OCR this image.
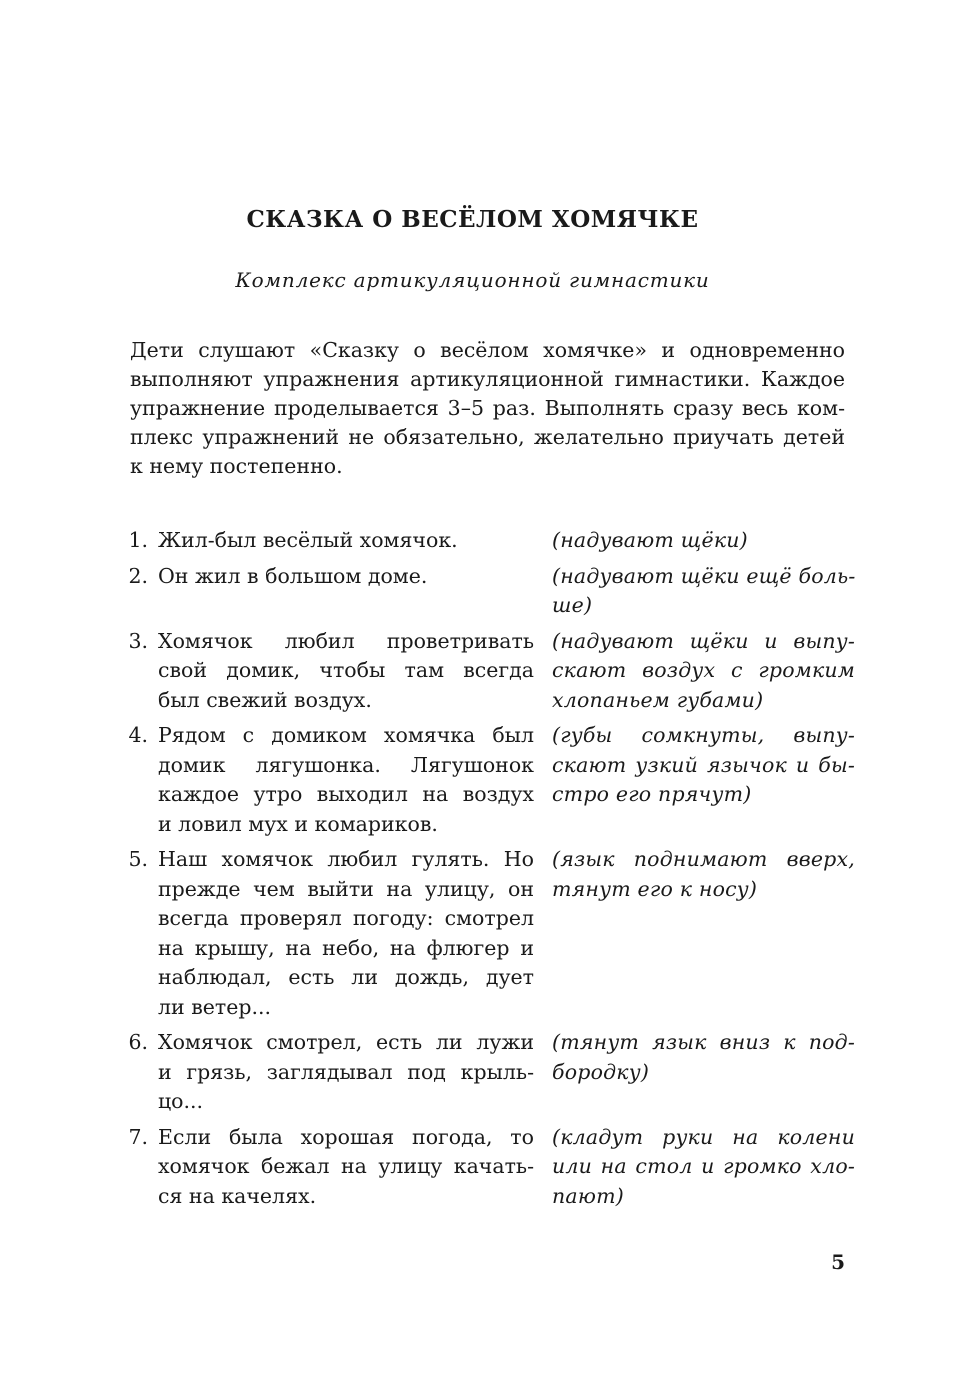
СКАЗКА О ВЕСЁЛОМ ХОМЯЧКЕ

Комплекс артикуляционной гимнастики

Дети слушают «Сказку о весёлом хомячке» и одновременно
выполняют упражнения артикуляционной гимнастики. Каждое
упражнение проделывается 3–5 раз. Выполнять сразу весь ком-
плекс упражнений не обязательно, желательно приучать детей
к нему постепенно.

1. Жил-был весёлый хомячок.	(надувают щёки)
2. Он жил в большом доме.	(надувают щёки ещё боль-
ше)
3. Хомячок любил проветривать
свой домик, чтобы там всегда
был свежий воздух.
(надувают щёки и выпу-
скают воздух с громким
хлопаньем губами)
4. Рядом с домиком хомячка был
домик лягушонка. Лягушонок
каждое утро выходил на воздух
и ловил мух и комариков.
(губы сомкнуты, выпу-
скают узкий язычок и бы-
стро его прячут)
5. Наш хомячок любил гулять. Но
прежде чем выйти на улицу, он
всегда проверял погоду: смотрел
на крышу, на небо, на флюгер и
наблюдал, есть ли дождь, дует
ли ветер...
(язык поднимают вверх,
тянут его к носу)
6. Хомячок смотрел, есть ли лужи
и грязь, заглядывал под крыль-
цо...
(тянут язык вниз к под-
бородку)
7. Если была хорошая погода, то
хомячок бежал на улицу качать-
ся на качелях.
(кладут руки на колени
или на стол и громко хло-
пают)

5
